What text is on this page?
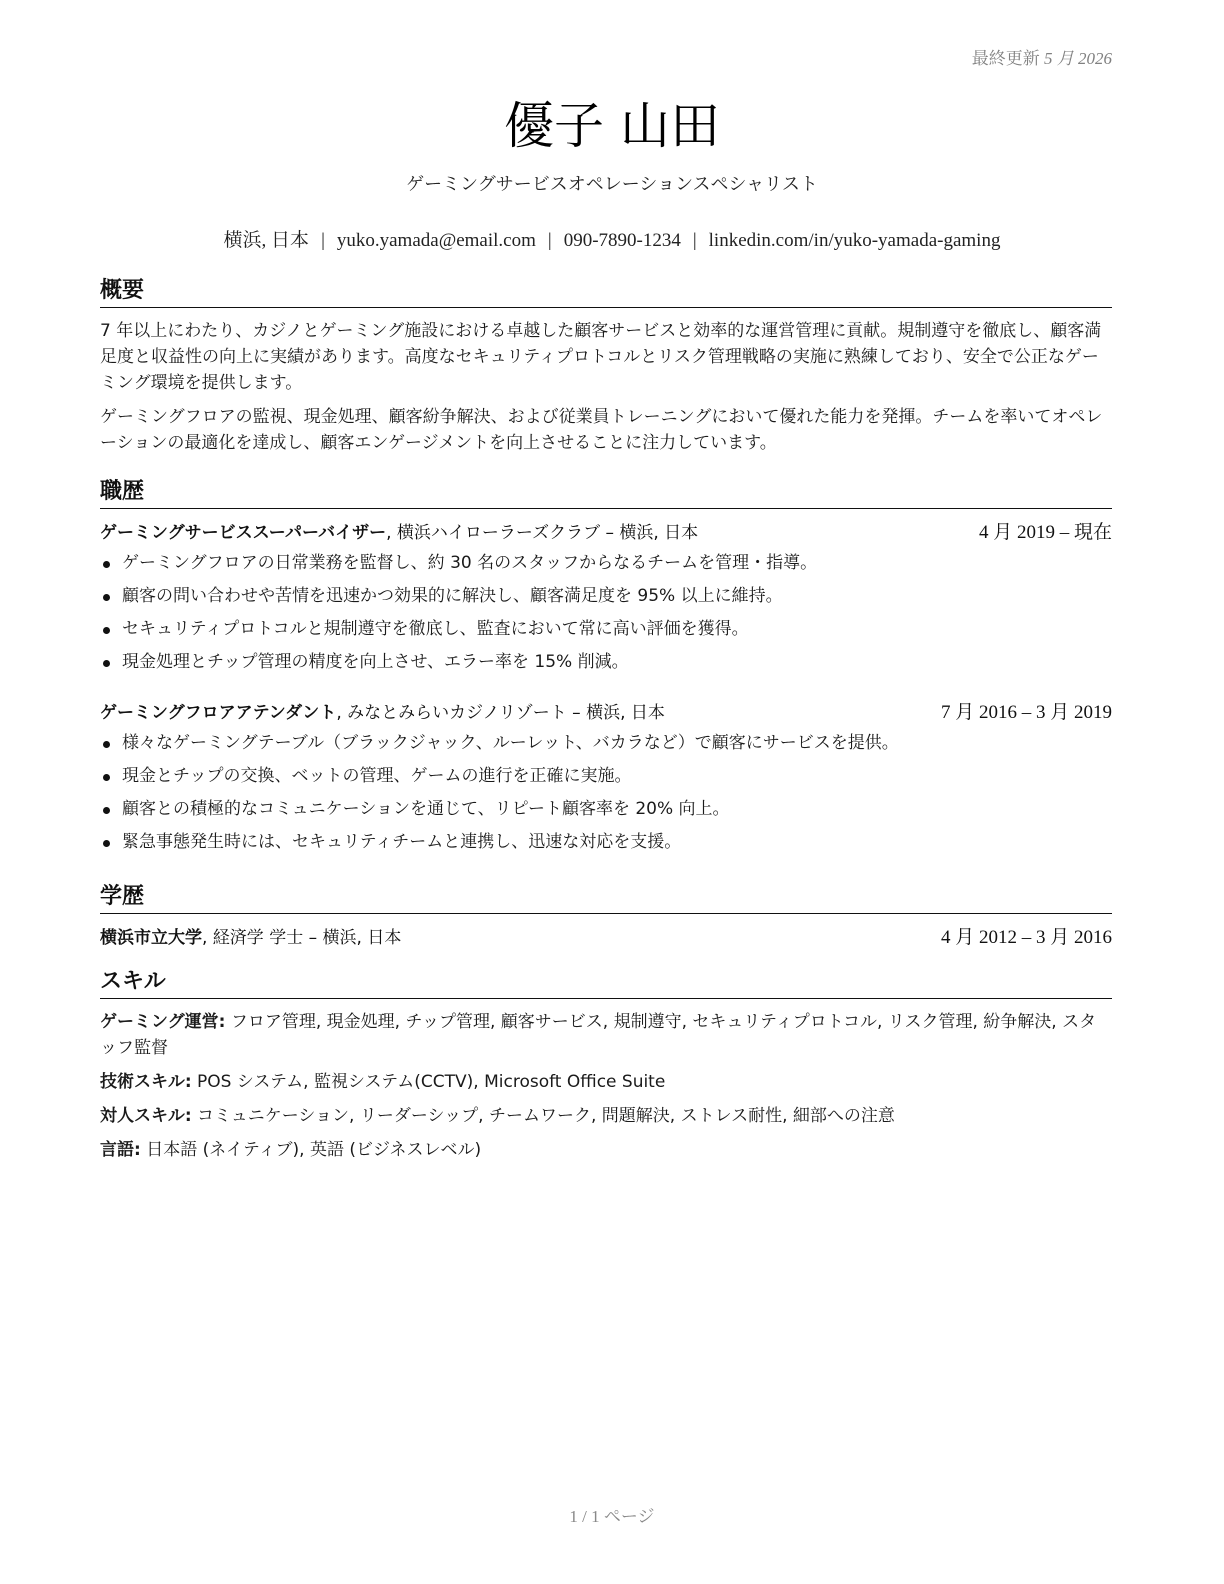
最終更新 5 月 2026
優子 山田
ゲーミングサービスオペレーションスペシャリスト
横浜, 日本 | yuko.yamada@email.com | 090-7890-1234 | linkedin.com/in/yuko-yamada-gaming
概要

7 年以上にわたり、カジノとゲーミング施設における卓越した顧客サービスと効率的な運営管理に貢献。規制遵守を徹底し、顧客満足度と収益性の向上に実績があります。高度なセキュリティプロトコルとリスク管理戦略の実施に熟練しており、安全で公正なゲーミング環境を提供します。

ゲーミングフロアの監視、現金処理、顧客紛争解決、および従業員トレーニングにおいて優れた能力を発揮。チームを率いてオペレーションの最適化を達成し、顧客エンゲージメントを向上させることに注力しています。

職歴
ゲーミングサービススーパーバイザー, 横浜ハイローラーズクラブ – 横浜, 日本	4 月 2019 – 現在
ゲーミングフロアの日常業務を監督し、約 30 名のスタッフからなるチームを管理・指導。
顧客の問い合わせや苦情を迅速かつ効果的に解決し、顧客満足度を 95% 以上に維持。
セキュリティプロトコルと規制遵守を徹底し、監査において常に高い評価を獲得。
現金処理とチップ管理の精度を向上させ、エラー率を 15% 削減。
ゲーミングフロアアテンダント, みなとみらいカジノリゾート – 横浜, 日本	7 月 2016 – 3 月 2019
様々なゲーミングテーブル（ブラックジャック、ルーレット、バカラなど）で顧客にサービスを提供。
現金とチップの交換、ベットの管理、ゲームの進行を正確に実施。
顧客との積極的なコミュニケーションを通じて、リピート顧客率を 20% 向上。
緊急事態発生時には、セキュリティチームと連携し、迅速な対応を支援。
学歴
横浜市立大学, 経済学 学士 – 横浜, 日本	4 月 2012 – 3 月 2016
スキル

ゲーミング運営: フロア管理, 現金処理, チップ管理, 顧客サービス, 規制遵守, セキュリティプロトコル, リスク管理, 紛争解決, スタッフ監督

技術スキル: POS システム, 監視システム(CCTV), Microsoft Office Suite

対人スキル: コミュニケーション, リーダーシップ, チームワーク, 問題解決, ストレス耐性, 細部への注意

言語: 日本語 (ネイティブ), 英語 (ビジネスレベル)

1 / 1 ページ
